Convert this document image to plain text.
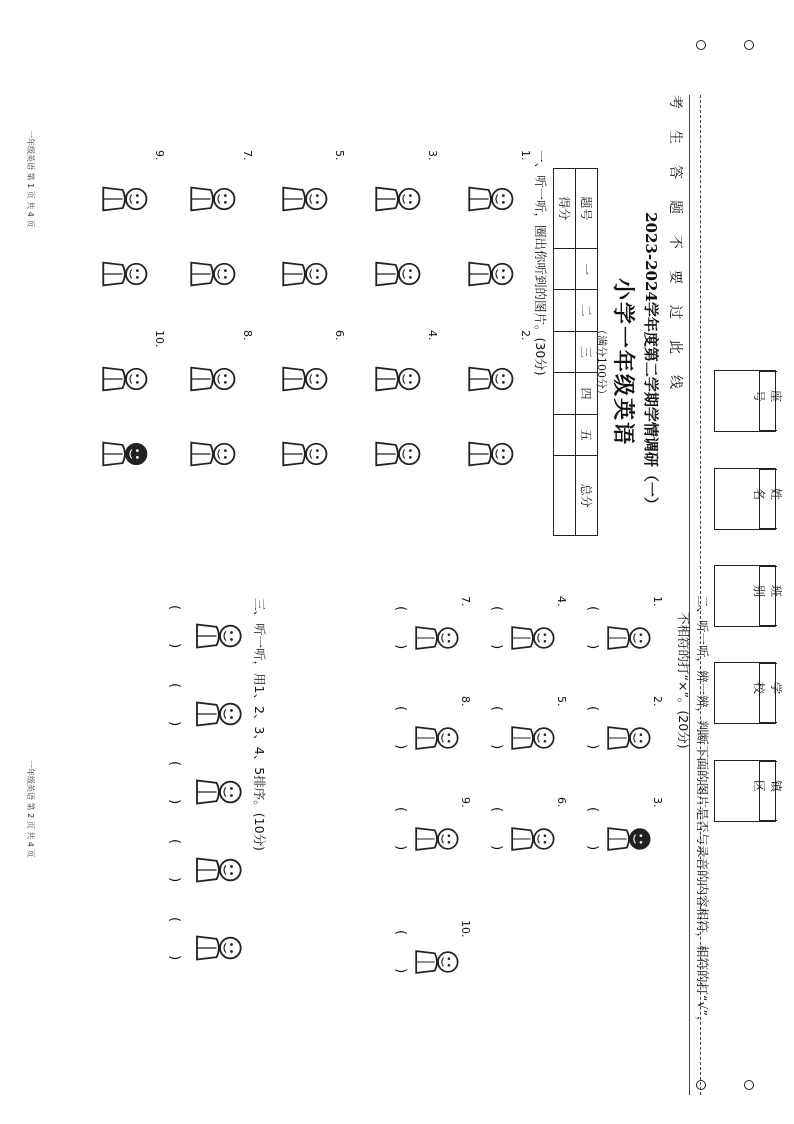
镇 区
学 校
班 别
姓 名
座 号
考
生
答
题
不
要
过
此
线
2023-2024学年度第二学期学情调研（一）
小学一年级英语
（满分100分）
题号	一	二	三	四	五	总分
得分						
一、听一听，圈出你听到的图片。(30分)
1.
2.
3.
4.
5.
6.
7.
8.
9.
10.
一年级英语 第 1 页 共 4 页
二、听一听，辨一辨，判断下面的图片是否与录音的内容相符，相符的打“√”，
不相符的打“×”。(20分)
1.
(        )
2.
(        )
3.
(        )
4.
(        )
5.
(        )
6.
(        )
7.
(        )
8.
(        )
9.
(        )
10.
(        )
三、听一听，用1、2、3、4、5排序。(10分)
(        )
(        )
(        )
(        )
(        )
一年级英语 第 2 页 共 4 页
